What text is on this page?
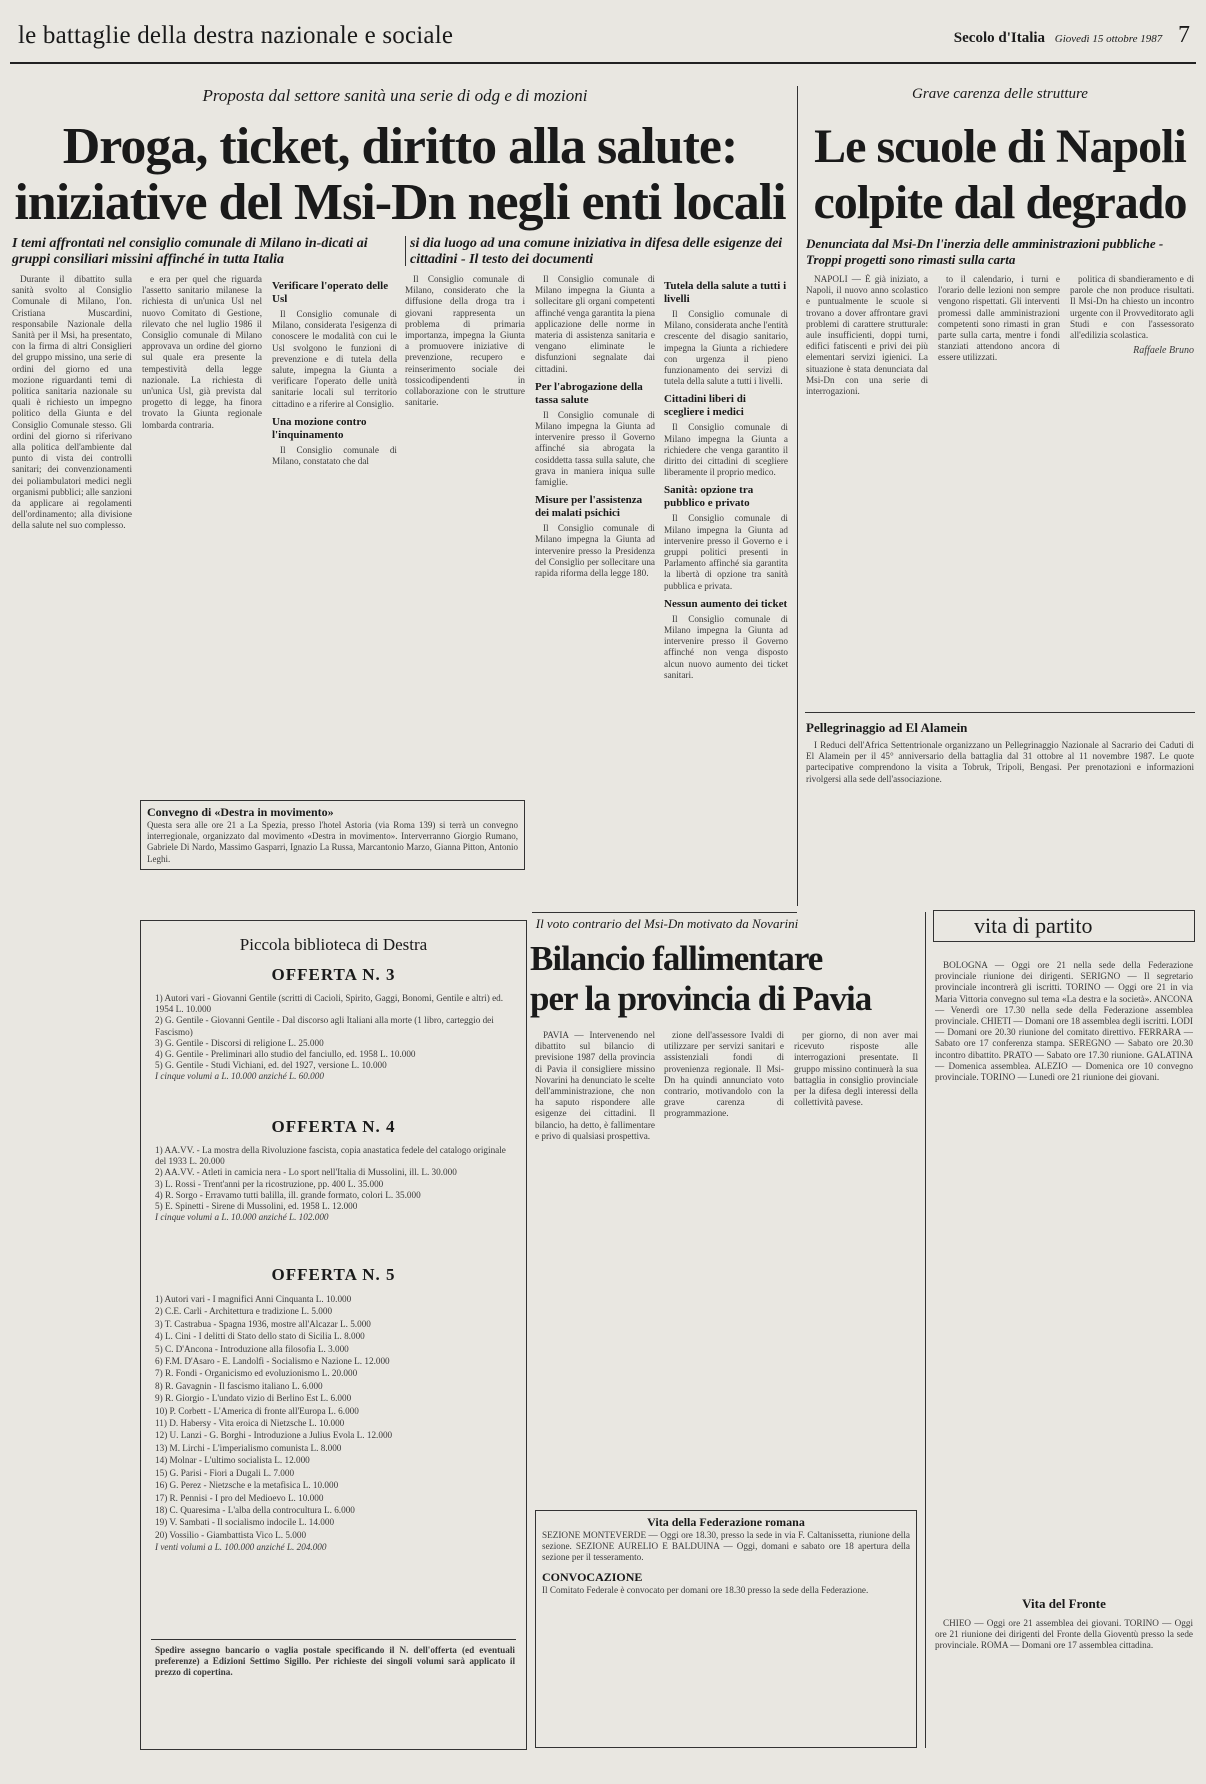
le battaglie della destra nazionale e sociale	Secolo d'Italia Giovedì 15 ottobre 1987 7
Proposta dal settore sanità una serie di odg e di mozioni
Droga, ticket, diritto alla salute:
iniziative del Msi-Dn negli enti locali
I temi affrontati nel consiglio comunale di Milano in-dicati ai gruppi consiliari missini affinché in tutta Italia
si dia luogo ad una comune iniziativa in difesa delle esigenze dei cittadini - Il testo dei documenti

Durante il dibattito sulla sanità svolto al Consiglio Comunale di Milano, l'on. Cristiana Muscardini, responsabile Nazionale della Sanità per il Msi, ha presentato, con la firma di altri Consiglieri del gruppo missino, una serie di ordini del giorno ed una mozione riguardanti temi di politica sanitaria nazionale su quali è richiesto un impegno politico della Giunta e del Consiglio Comunale stesso. Gli ordini del giorno si riferivano alla politica dell'ambiente dal punto di vista dei controlli sanitari; dei convenzionamenti dei poliambulatori medici negli organismi pubblici; alle sanzioni da applicare ai regolamenti dell'ordinamento; alla divisione della salute nel suo complesso.

e era per quel che riguarda l'assetto sanitario milanese la richiesta di un'unica Usl nel nuovo Comitato di Gestione, rilevato che nel luglio 1986 il Consiglio comunale di Milano approvava un ordine del giorno sul quale era presente la tempestività della legge nazionale. La richiesta di un'unica Usl, già prevista dal progetto di legge, ha finora trovato la Giunta regionale lombarda contraria.

Verificare l'operato delle Usl

Il Consiglio comunale di Milano, considerata l'esigenza di conoscere le modalità con cui le Usl svolgono le funzioni di prevenzione e di tutela della salute, impegna la Giunta a verificare l'operato delle unità sanitarie locali sul territorio cittadino e a riferire al Consiglio.

Una mozione contro l'inquinamento

Il Consiglio comunale di Milano, constatato che dal

Il Consiglio comunale di Milano, considerato che la diffusione della droga tra i giovani rappresenta un problema di primaria importanza, impegna la Giunta a promuovere iniziative di prevenzione, recupero e reinserimento sociale dei tossicodipendenti in collaborazione con le strutture sanitarie.

Il Consiglio comunale di Milano impegna la Giunta a sollecitare gli organi competenti affinché venga garantita la piena applicazione delle norme in materia di assistenza sanitaria e vengano eliminate le disfunzioni segnalate dai cittadini.

Per l'abrogazione della tassa salute

Il Consiglio comunale di Milano impegna la Giunta ad intervenire presso il Governo affinché sia abrogata la cosiddetta tassa sulla salute, che grava in maniera iniqua sulle famiglie.

Misure per l'assistenza dei malati psichici

Il Consiglio comunale di Milano impegna la Giunta ad intervenire presso la Presidenza del Consiglio per sollecitare una rapida riforma della legge 180.

Tutela della salute a tutti i livelli

Il Consiglio comunale di Milano, considerata anche l'entità crescente del disagio sanitario, impegna la Giunta a richiedere con urgenza il pieno funzionamento dei servizi di tutela della salute a tutti i livelli.

Cittadini liberi di scegliere i medici

Il Consiglio comunale di Milano impegna la Giunta a richiedere che venga garantito il diritto dei cittadini di scegliere liberamente il proprio medico.

Sanità: opzione tra pubblico e privato

Il Consiglio comunale di Milano impegna la Giunta ad intervenire presso il Governo e i gruppi politici presenti in Parlamento affinché sia garantita la libertà di opzione tra sanità pubblica e privata.

Nessun aumento dei ticket

Il Consiglio comunale di Milano impegna la Giunta ad intervenire presso il Governo affinché non venga disposto alcun nuovo aumento dei ticket sanitari.

Convegno di «Destra in movimento»
Questa sera alle ore 21 a La Spezia, presso l'hotel Astoria (via Roma 139) si terrà un convegno interregionale, organizzato dal movimento «Destra in movimento». Interverranno Giorgio Rumano, Gabriele Di Nardo, Massimo Gasparri, Ignazio La Russa, Marcantonio Marzo, Gianna Pitton, Antonio Leghi.
Grave carenza delle strutture
Le scuole di Napoli
colpite dal degrado
Denunciata dal Msi-Dn l'inerzia delle amministrazioni pubbliche - Troppi progetti sono rimasti sulla carta

NAPOLI — È già iniziato, a Napoli, il nuovo anno scolastico e puntualmente le scuole si trovano a dover affrontare gravi problemi di carattere strutturale: aule insufficienti, doppi turni, edifici fatiscenti e privi dei più elementari servizi igienici. La situazione è stata denunciata dal Msi-Dn con una serie di interrogazioni.

to il calendario, i turni e l'orario delle lezioni non sempre vengono rispettati. Gli interventi promessi dalle amministrazioni competenti sono rimasti in gran parte sulla carta, mentre i fondi stanziati attendono ancora di essere utilizzati.

politica di sbandieramento e di parole che non produce risultati. Il Msi-Dn ha chiesto un incontro urgente con il Provveditorato agli Studi e con l'assessorato all'edilizia scolastica.

Raffaele Bruno
Pellegrinaggio ad El Alamein

I Reduci dell'Africa Settentrionale organizzano un Pellegrinaggio Nazionale al Sacrario dei Caduti di El Alamein per il 45° anniversario della battaglia dal 31 ottobre al 11 novembre 1987. Le quote partecipative comprendono la visita a Tobruk, Tripoli, Bengasi. Per prenotazioni e informazioni rivolgersi alla sede dell'associazione.

Piccola biblioteca di Destra
OFFERTA N. 3
1) Autori vari - Giovanni Gentile (scritti di Cacioli, Spirito, Gaggi, Bonomi, Gentile e altri) ed. 1954 L. 10.000
2) G. Gentile - Giovanni Gentile - Dal discorso agli Italiani alla morte (1 libro, carteggio dei Fascismo)
3) G. Gentile - Discorsi di religione L. 25.000
4) G. Gentile - Preliminari allo studio del fanciullo, ed. 1958 L. 10.000
5) G. Gentile - Studi Vichiani, ed. del 1927, versione L. 10.000
I cinque volumi a L. 10.000 anziché L. 60.000
OFFERTA N. 4
1) AA.VV. - La mostra della Rivoluzione fascista, copia anastatica fedele del catalogo originale del 1933 L. 20.000
2) AA.VV. - Atleti in camicia nera - Lo sport nell'Italia di Mussolini, ill. L. 30.000
3) L. Rossi - Trent'anni per la ricostruzione, pp. 400 L. 35.000
4) R. Sorgo - Erravamo tutti balilla, ill. grande formato, colori L. 35.000
5) E. Spinetti - Sirene di Mussolini, ed. 1958 L. 12.000
I cinque volumi a L. 10.000 anziché L. 102.000
OFFERTA N. 5
1) Autori vari - I magnifici Anni Cinquanta L. 10.000
2) C.E. Carli - Architettura e tradizione L. 5.000
3) T. Castrabua - Spagna 1936, mostre all'Alcazar L. 5.000
4) L. Cini - I delitti di Stato dello stato di Sicilia L. 8.000
5) C. D'Ancona - Introduzione alla filosofia L. 3.000
6) F.M. D'Asaro - E. Landolfi - Socialismo e Nazione L. 12.000
7) R. Fondi - Organicismo ed evoluzionismo L. 20.000
8) R. Gavagnin - Il fascismo italiano L. 6.000
9) R. Giorgio - L'undato vizio di Berlino Est L. 6.000
10) P. Corbett - L'America di fronte all'Europa L. 6.000
11) D. Habersy - Vita eroica di Nietzsche L. 10.000
12) U. Lanzi - G. Borghi - Introduzione a Julius Evola L. 12.000
13) M. Lirchi - L'imperialismo comunista L. 8.000
14) Molnar - L'ultimo socialista L. 12.000
15) G. Parisi - Fiori a Dugali L. 7.000
16) G. Perez - Nietzsche e la metafisica L. 10.000
17) R. Pennisi - I pro del Medioevo L. 10.000
18) C. Quaresima - L'alba della controcultura L. 6.000
19) V. Sambati - Il socialismo indocile L. 14.000
20) Vossilio - Giambattista Vico L. 5.000
I venti volumi a L. 100.000 anziché L. 204.000
Spedire assegno bancario o vaglia postale specificando il N. dell'offerta (ed eventuali preferenze) a Edizioni Settimo Sigillo. Per richieste dei singoli volumi sarà applicato il prezzo di copertina.
Il voto contrario del Msi-Dn motivato da Novarini
Bilancio fallimentare
per la provincia di Pavia

PAVIA — Intervenendo nel dibattito sul bilancio di previsione 1987 della provincia di Pavia il consigliere missino Novarini ha denunciato le scelte dell'amministrazione, che non ha saputo rispondere alle esigenze dei cittadini. Il bilancio, ha detto, è fallimentare e privo di qualsiasi prospettiva.

zione dell'assessore Ivaldi di utilizzare per servizi sanitari e assistenziali fondi di provenienza regionale. Il Msi-Dn ha quindi annunciato voto contrario, motivandolo con la grave carenza di programmazione.

per giorno, di non aver mai ricevuto risposte alle interrogazioni presentate. Il gruppo missino continuerà la sua battaglia in consiglio provinciale per la difesa degli interessi della collettività pavese.

Vita della Federazione romana
SEZIONE MONTEVERDE — Oggi ore 18.30, presso la sede in via F. Caltanissetta, riunione della sezione. SEZIONE AURELIO E BALDUINA — Oggi, domani e sabato ore 18 apertura della sezione per il tesseramento.
CONVOCAZIONE
Il Comitato Federale è convocato per domani ore 18.30 presso la sede della Federazione.
vita di partito

BOLOGNA — Oggi ore 21 nella sede della Federazione provinciale riunione dei dirigenti. SERIGNO — Il segretario provinciale incontrerà gli iscritti. TORINO — Oggi ore 21 in via Maria Vittoria convegno sul tema «La destra e la società». ANCONA — Venerdì ore 17.30 nella sede della Federazione assemblea provinciale. CHIETI — Domani ore 18 assemblea degli iscritti. LODI — Domani ore 20.30 riunione del comitato direttivo. FERRARA — Sabato ore 17 conferenza stampa. SEREGNO — Sabato ore 20.30 incontro dibattito. PRATO — Sabato ore 17.30 riunione. GALATINA — Domenica assemblea. ALEZIO — Domenica ore 10 convegno provinciale. TORINO — Lunedì ore 21 riunione dei giovani.

Vita del Fronte

CHIEO — Oggi ore 21 assemblea dei giovani. TORINO — Oggi ore 21 riunione dei dirigenti del Fronte della Gioventù presso la sede provinciale. ROMA — Domani ore 17 assemblea cittadina.
